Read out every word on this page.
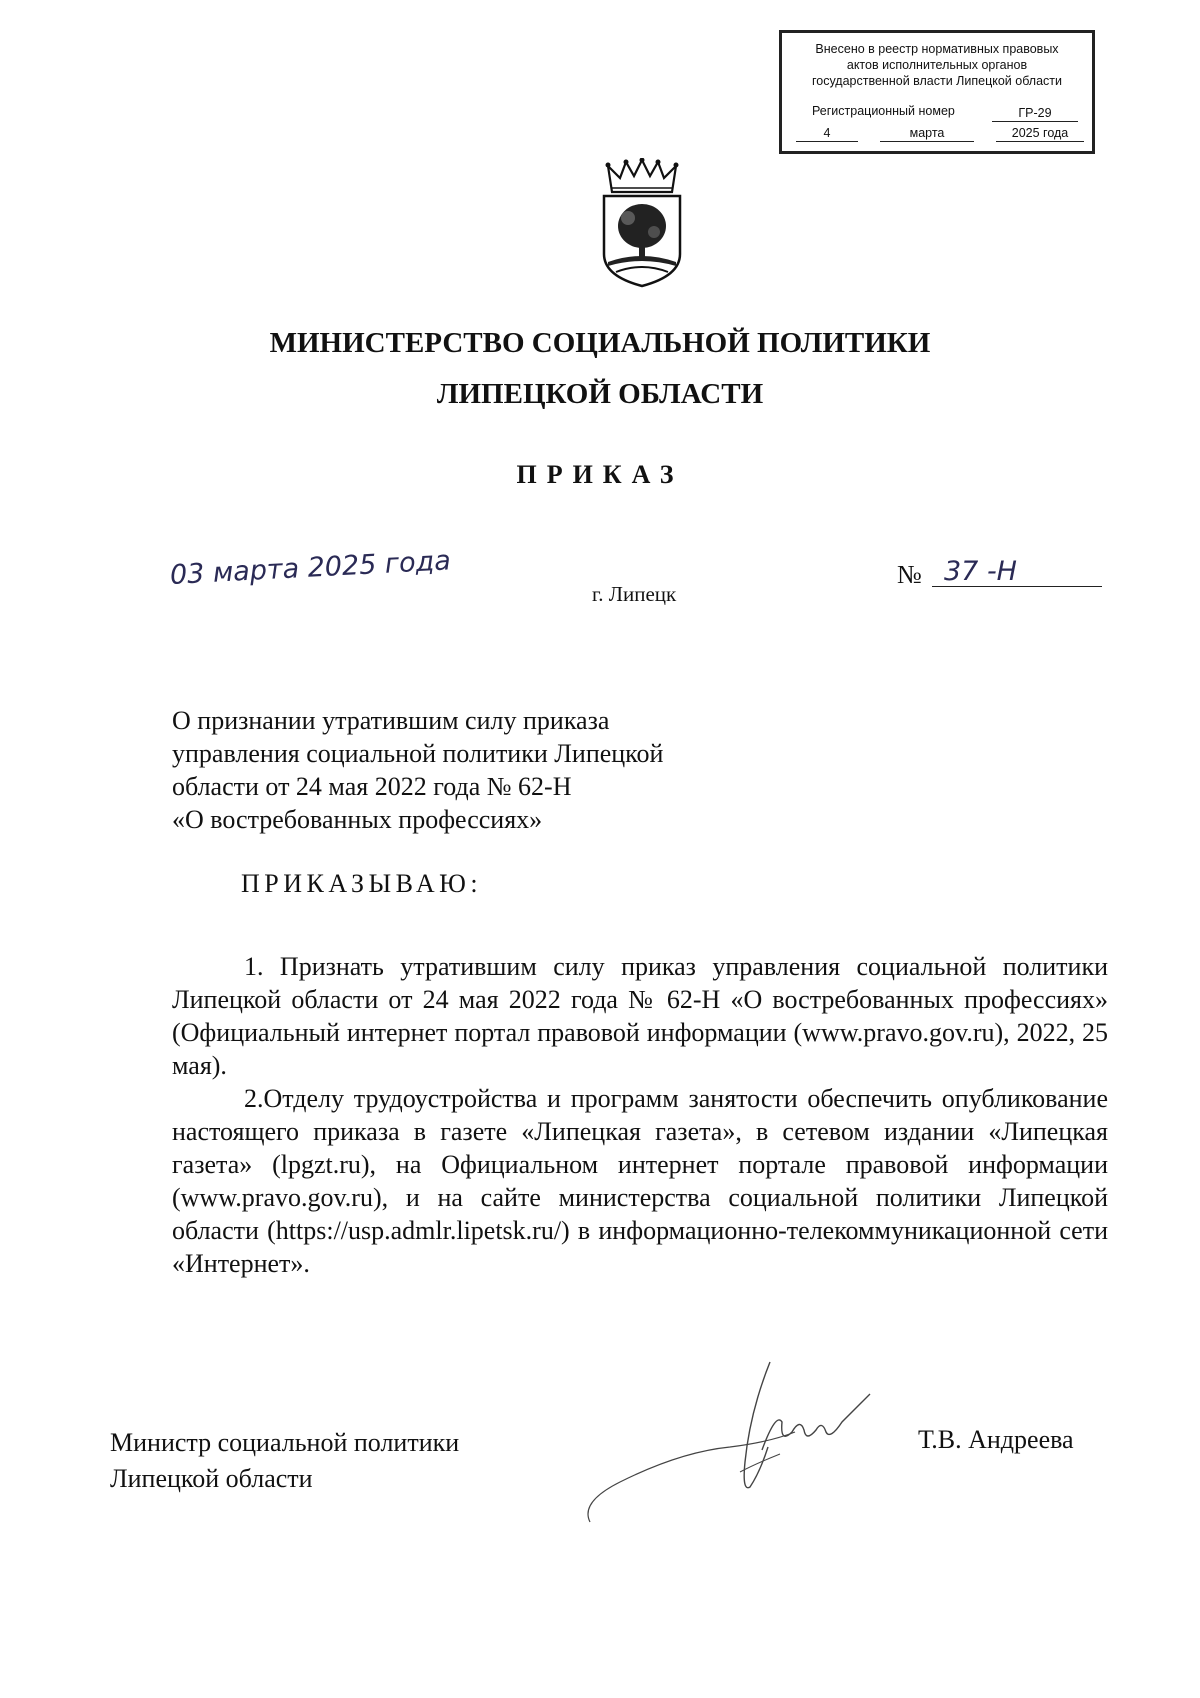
Внесено в реестр нормативных правовых
актов исполнительных органов
государственной власти Липецкой области
Регистрационный номер	ГР-29
4	марта	2025 года
МИНИСТЕРСТВО СОЦИАЛЬНОЙ ПОЛИТИКИ
ЛИПЕЦКОЙ ОБЛАСТИ
ПРИКАЗ
03 марта 2025 года
г. Липецк
№ 37 -Н
О признании утратившим силу приказа
управления социальной политики Липецкой
области от 24 мая 2022 года № 62-Н
«О востребованных профессиях»
ПРИКАЗЫВАЮ:

1. Признать утратившим силу приказ управления социальной политики Липецкой области от 24 мая 2022 года № 62-Н «О востребованных профессиях» (Официальный интернет портал правовой информации (www.pravo.gov.ru), 2022, 25 мая).

2.Отделу трудоустройства и программ занятости обеспечить опубликование настоящего приказа в газете «Липецкая газета», в сетевом издании «Липецкая газета» (lpgzt.ru), на Официальном интернет портале правовой информации (www.pravo.gov.ru), и на сайте министерства социальной политики Липецкой области (https://usp.admlr.lipetsk.ru/) в информационно-телекоммуникационной сети «Интернет».

Министр социальной политики
Липецкой области
Т.В. Андреева
